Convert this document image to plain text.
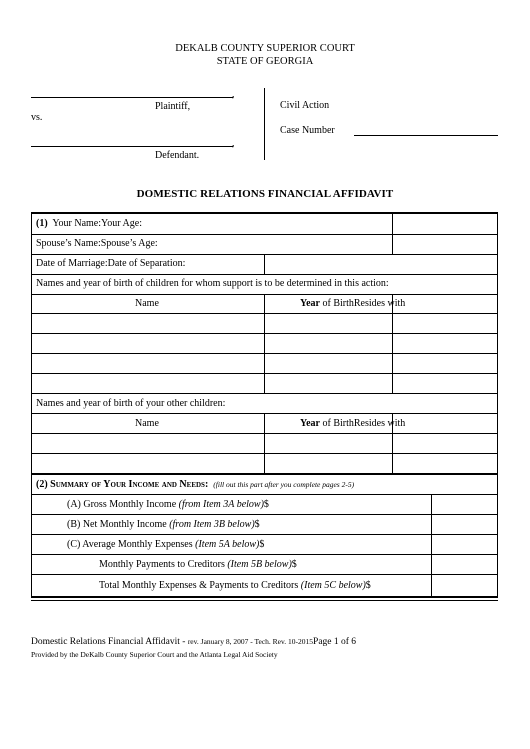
DEKALB COUNTY SUPERIOR COURT
STATE OF GEORGIA
,
Plaintiff,
vs.
,
Defendant.
Civil Action
Case Number
DOMESTIC RELATIONS FINANCIAL AFFIDAVIT
(1) Your Name:Your Age:
Spouse’s Name:Spouse’s Age:
Date of Marriage:Date of Separation:
Names and year of birth of children for whom support is to be determined in this action:
Name	Year of BirthResides with
Names and year of birth of your other children:
Name	Year of BirthResides with
(2) Summary of Your Income and Needs: (fill out this part after you complete pages 2-5)
(A) Gross Monthly Income (from Item 3A below)$
(B) Net Monthly Income (from Item 3B below)$
(C) Average Monthly Expenses (Item 5A below)$
Monthly Payments to Creditors (Item 5B below)$
Total Monthly Expenses & Payments to Creditors (Item 5C below)$
Domestic Relations Financial Affidavit - rev. January 8, 2007 - Tech. Rev. 10-2015Page 1 of 6
Provided by the DeKalb County Superior Court and the Atlanta Legal Aid Society
